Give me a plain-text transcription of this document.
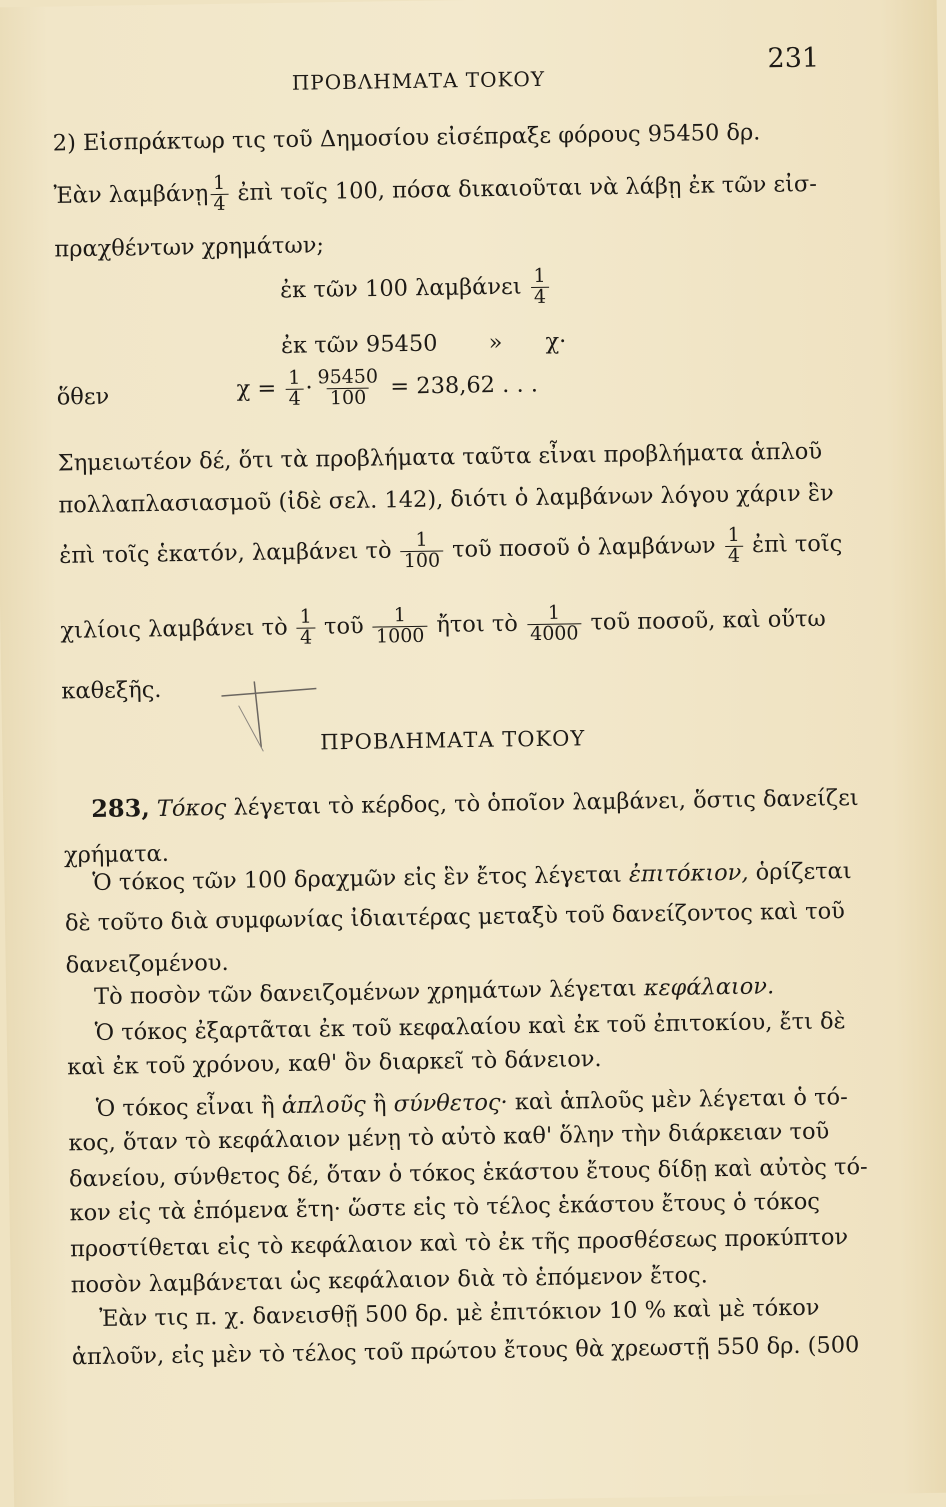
ΠΡΟΒΛΗΜΑΤΑ ΤΟΚΟΥ
231
2) Εἰσπράκτωρ τις τοῦ Δημοσίου εἰσέπραξε φόρους 95450 δρ.
Ἐὰν λαμβάνῃ $\frac{1}{4}$ ἐπὶ τοῖς 100, πόσα δικαιοῦται νὰ λάβῃ ἐκ τῶν εἰσ-
πραχθέντων χρημάτων;
ἐκ τῶν 100 λαμβάνει $\frac{1}{4}$
ἐκ τῶν 95450 » χ·
ὅθεν	$\chi = \frac{1}{4} \cdot \frac{95450}{100} = 238,62$ . . .
Σημειωτέον δέ, ὅτι τὰ προβλήματα ταῦτα εἶναι προβλήματα ἁπλοῦ
πολλαπλασιασμοῦ (ἰδὲ σελ. 142), διότι ὁ λαμβάνων λόγου χάριν ἓν
ἐπὶ τοῖς ἑκατόν, λαμβάνει τὸ $\frac{1}{100}$ τοῦ ποσοῦ ὁ λαμβάνων $\frac{1}{4}$ ἐπὶ τοῖς
χιλίοις λαμβάνει τὸ $\frac{1}{4}$ τοῦ $\frac{1}{1000}$ ἤτοι τὸ $\frac{1}{4000}$ τοῦ ποσοῦ, καὶ οὕτω
καθεξῆς.
ΠΡΟΒΛΗΜΑΤΑ ΤΟΚΟΥ
283, Τόκος λέγεται τὸ κέρδος, τὸ ὁποῖον λαμβάνει, ὅστις δανείζει
χρήματα.
Ὁ τόκος τῶν 100 δραχμῶν εἰς ἓν ἔτος λέγεται ἐπιτόκιον, ὁρίζεται
δὲ τοῦτο διὰ συμφωνίας ἰδιαιτέρας μεταξὺ τοῦ δανείζοντος καὶ τοῦ
δανειζομένου.
Τὸ ποσὸν τῶν δανειζομένων χρημάτων λέγεται κεφάλαιον.
Ὁ τόκος ἐξαρτᾶται ἐκ τοῦ κεφαλαίου καὶ ἐκ τοῦ ἐπιτοκίου, ἔτι δὲ
καὶ ἐκ τοῦ χρόνου, καθ' ὃν διαρκεῖ τὸ δάνειον.
Ὁ τόκος εἶναι ἢ ἁπλοῦς ἢ σύνθετος· καὶ ἁπλοῦς μὲν λέγεται ὁ τό-
κος, ὅταν τὸ κεφάλαιον μένῃ τὸ αὐτὸ καθ' ὅλην τὴν διάρκειαν τοῦ
δανείου, σύνθετος δέ, ὅταν ὁ τόκος ἑκάστου ἔτους δίδῃ καὶ αὐτὸς τό-
κον εἰς τὰ ἑπόμενα ἔτη· ὥστε εἰς τὸ τέλος ἑκάστου ἔτους ὁ τόκος
προστίθεται εἰς τὸ κεφάλαιον καὶ τὸ ἐκ τῆς προσθέσεως προκύπτον
ποσὸν λαμβάνεται ὡς κεφάλαιον διὰ τὸ ἑπόμενον ἔτος.
Ἐὰν τις π. χ. δανεισθῇ 500 δρ. μὲ ἐπιτόκιον 10 % καὶ μὲ τόκον
ἁπλοῦν, εἰς μὲν τὸ τέλος τοῦ πρώτου ἔτους θὰ χρεωστῇ 550 δρ. (500
